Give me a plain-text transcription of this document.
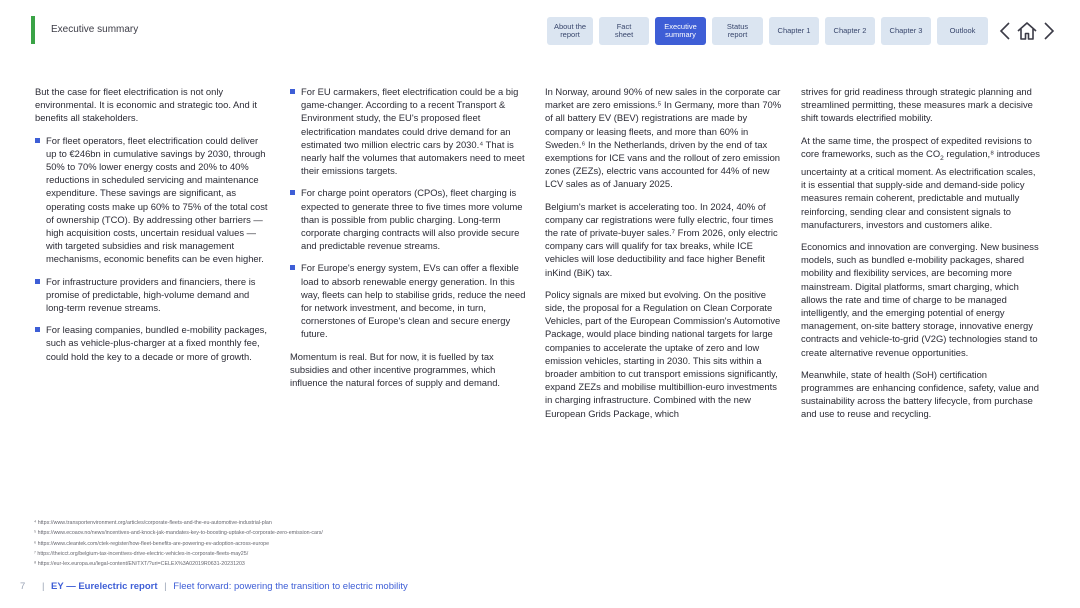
Executive summary	About the
report
Fact
sheet
Executive
summary
Status
report	Chapter 1	Chapter 2	Chapter 3	Outlook

But the case for fleet electrification is not only environmental. It is economic and strategic too. And it benefits all stakeholders.

For fleet operators, fleet electrification could deliver up to €246bn in cumulative savings by 2030, through 50% to 70% lower energy costs and 20% to 40% reductions in scheduled servicing and maintenance expenditure. These savings are significant, as operating costs make up 60% to 75% of the total cost of ownership (TCO). By addressing other barriers — high acquisition costs, uncertain residual values — with targeted subsidies and risk management mechanisms, economic benefits can be even higher.
For infrastructure providers and financiers, there is promise of predictable, high-volume demand and long-term revenue streams.
For leasing companies, bundled e-mobility packages, such as vehicle-plus-charger at a fixed monthly fee, could hold the key to a decade or more of growth.
For EU carmakers, fleet electrification could be a big game-changer. According to a recent Transport & Environment study, the EU's proposed fleet electrification mandates could drive demand for an estimated two million electric cars by 2030.⁴ That is nearly half the volumes that automakers need to meet their emissions targets.
For charge point operators (CPOs), fleet charging is expected to generate three to five times more volume than is possible from public charging. Long-term corporate charging contracts will also provide secure and predictable revenue streams.
For Europe's energy system, EVs can offer a flexible load to absorb renewable energy generation. In this way, fleets can help to stabilise grids, reduce the need for network investment, and become, in turn, cornerstones of Europe's clean and secure energy future.

Momentum is real. But for now, it is fuelled by tax subsidies and other incentive programmes, which influence the natural forces of supply and demand.

In Norway, around 90% of new sales in the corporate car market are zero emissions.⁵ In Germany, more than 70% of all battery EV (BEV) registrations are made by company or leasing fleets, and more than 60% in Sweden.⁶ In the Netherlands, driven by the end of tax exemptions for ICE vans and the rollout of zero emission zones (ZEZs), electric vans accounted for 44% of new LCV sales as of January 2025.

Belgium's market is accelerating too. In 2024, 40% of company car registrations were fully electric, four times the rate of private-buyer sales.⁷ From 2026, only electric company cars will qualify for tax breaks, while ICE vehicles will lose deductibility and face higher Benefit inKind (BiK) tax.

Policy signals are mixed but evolving. On the positive side, the proposal for a Regulation on Clean Corporate Vehicles, part of the European Commission's Automotive Package, would place binding national targets for large companies to accelerate the uptake of zero and low emission vehicles, starting in 2030. This sits within a broader ambition to cut transport emissions significantly, expand ZEZs and mobilise multibillion-euro investments in charging infrastructure. Combined with the new European Grids Package, which

strives for grid readiness through strategic planning and streamlined permitting, these measures mark a decisive shift towards electrified mobility.

At the same time, the prospect of expedited revisions to core frameworks, such as the $CO_2$ regulation,⁸ introduces uncertainty at a critical moment. As electrification scales, it is essential that supply-side and demand-side policy measures remain coherent, predictable and mutually reinforcing, sending clear and consistent signals to manufacturers, investors and customers alike.

Economics and innovation are converging. New business models, such as bundled e-mobility packages, shared mobility and flexibility services, are becoming more mainstream. Digital platforms, smart charging, which allows the rate and time of charge to be managed intelligently, and the emerging potential of energy management, on-site battery storage, innovative energy contracts and vehicle-to-grid (V2G) technologies stand to create alternative revenue opportunities.

Meanwhile, state of health (SoH) certification programmes are enhancing confidence, safety, value and sustainability across the battery lifecycle, from purchase and use to reuse and recycling.

⁴ https://www.transportenvironment.org/articles/corporate-fleets-and-the-eu-automotive-industrial-plan
⁵ https://www.ecoaov.no/news/incentives-and-knock-jak-mandates-key-to-boosting-uptake-of-corporate-zero-emission-cars/
⁶ https://www.cleantek.com/ctek-register/how-fleet-benefits-are-powering-ev-adoption-across-europe
⁷ https://theicct.org/belgium-tax-incentives-drive-electric-vehicles-in-corporate-fleets-may25/
⁸ https://eur-lex.europa.eu/legal-content/EN/TXT/?uri=CELEX%3A02019R0631-20231203
7 | EY — Eurelectric report | Fleet forward: powering the transition to electric mobility
